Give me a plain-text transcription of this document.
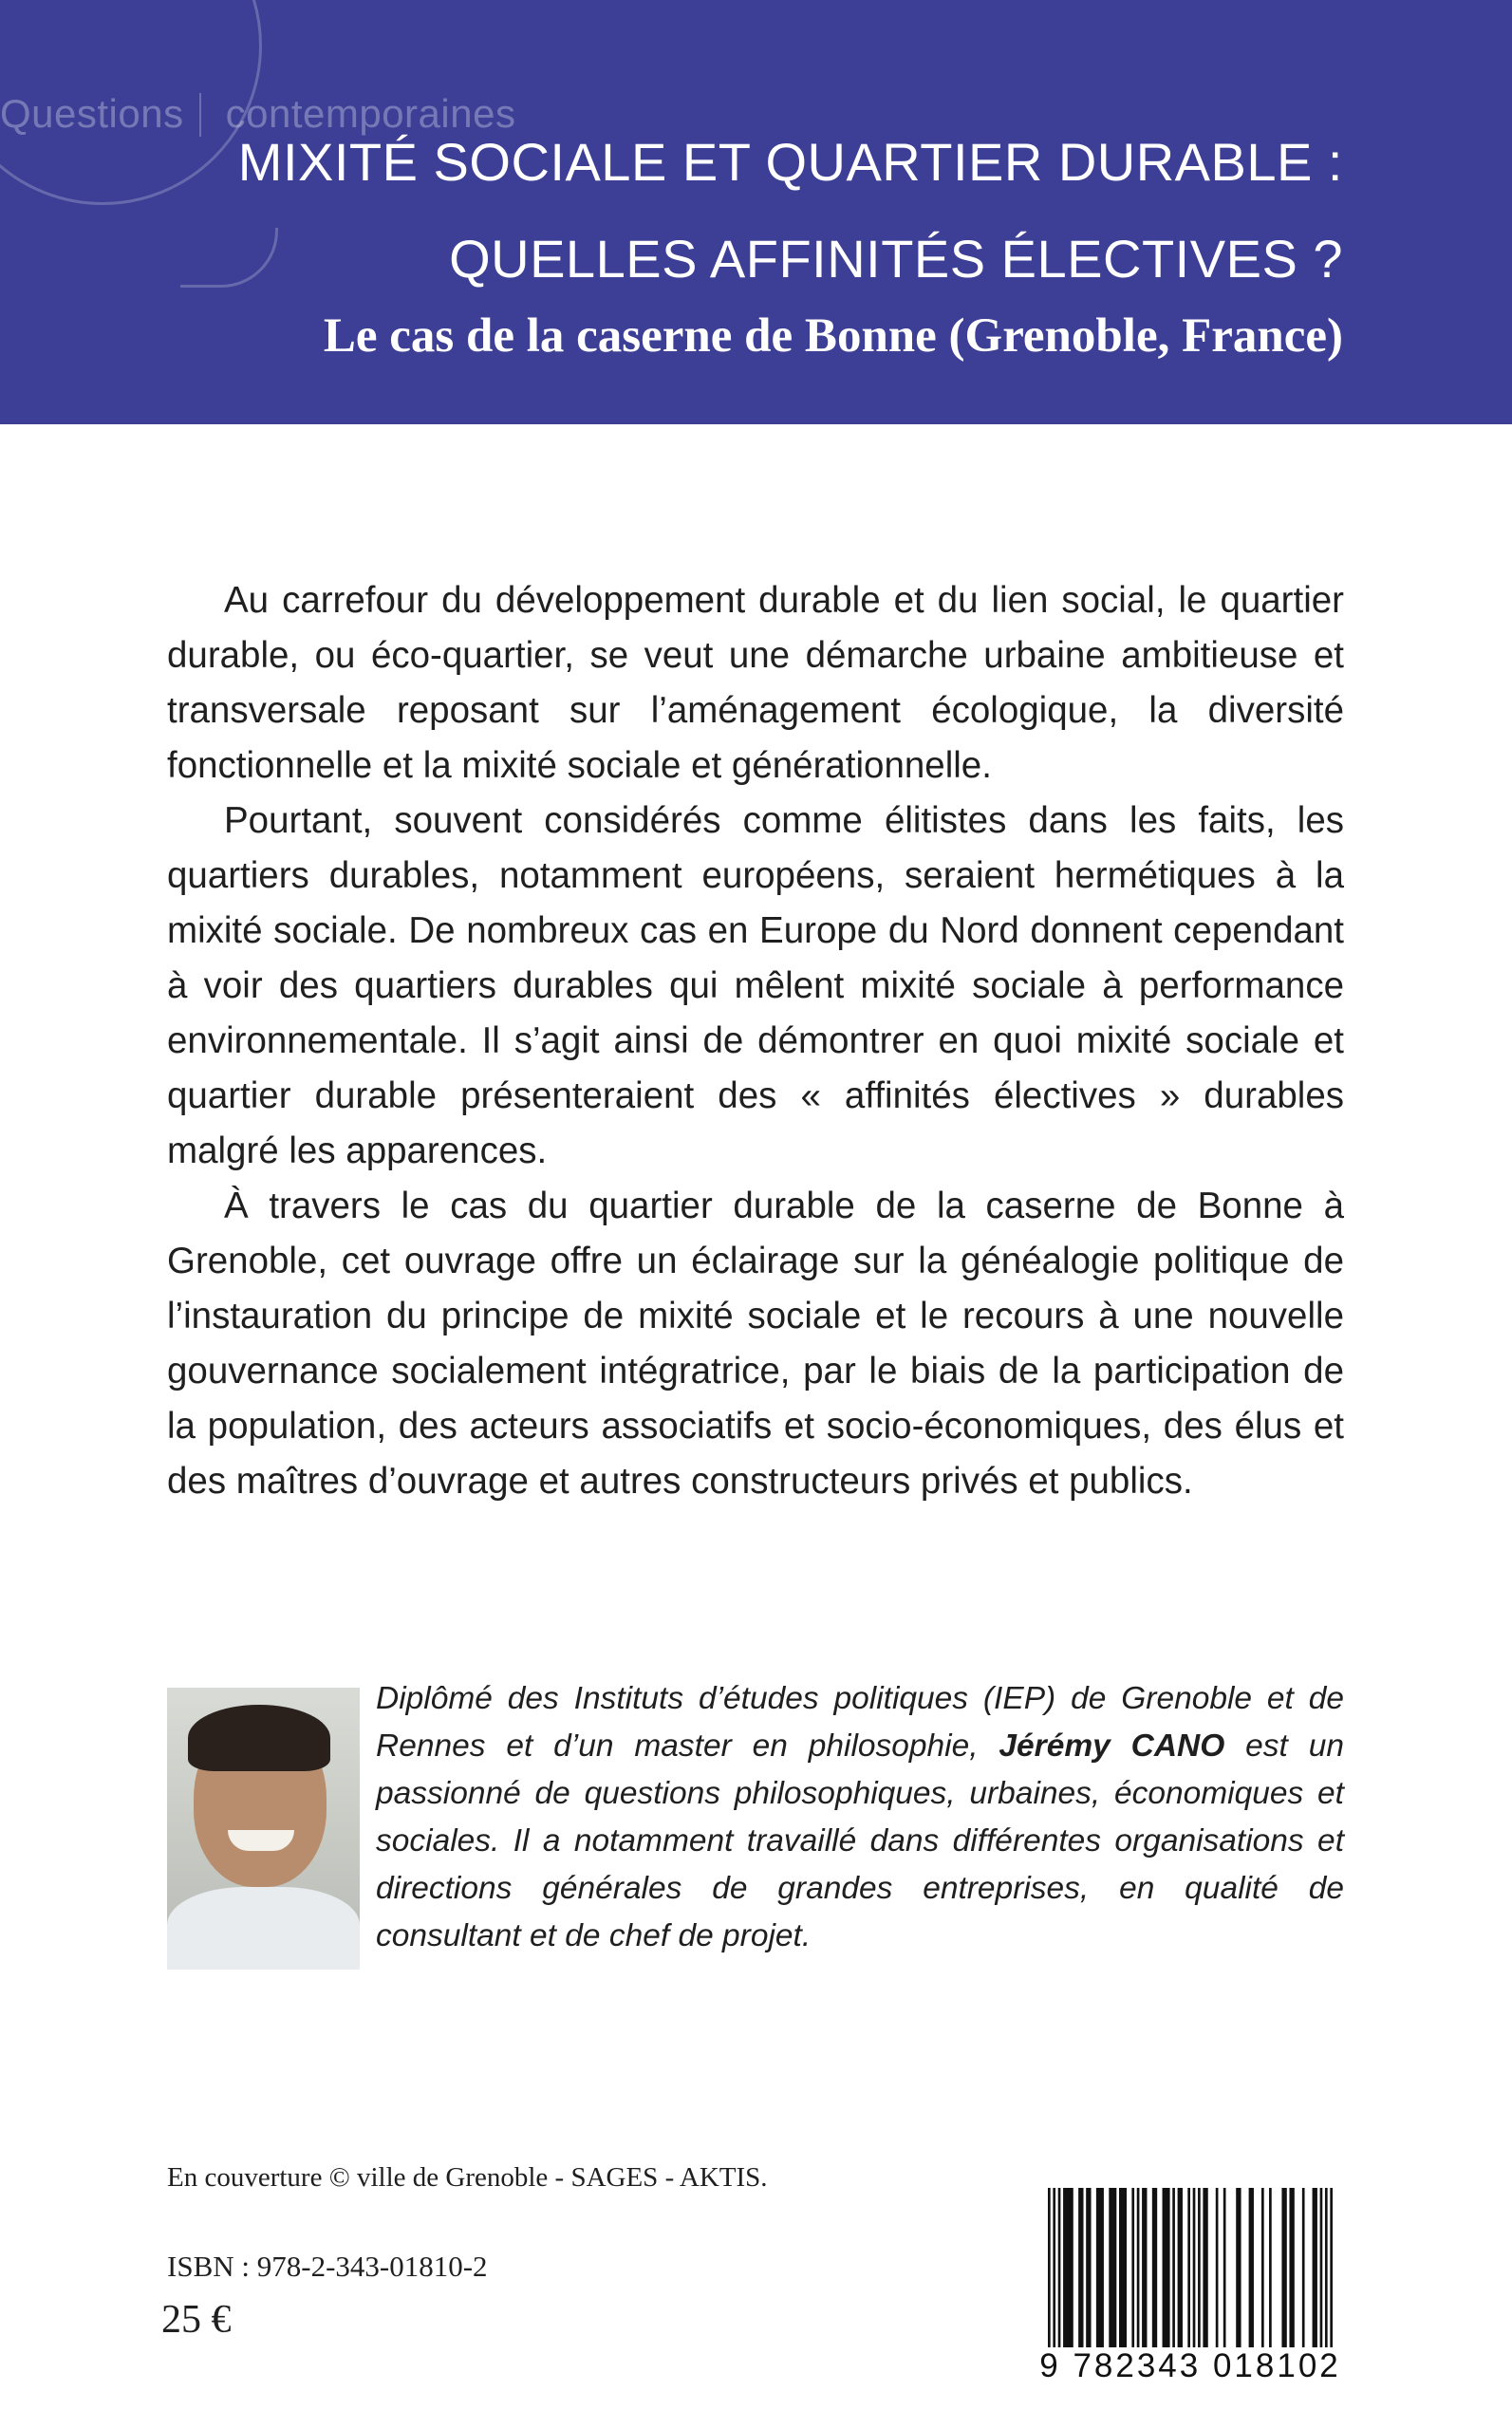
Questions contemporaines
MIXITÉ SOCIALE ET QUARTIER DURABLE :
QUELLES AFFINITÉS ÉLECTIVES ?
Le cas de la caserne de Bonne (Grenoble, France)

Au carrefour du développement durable et du lien social, le quartier durable, ou éco-quartier, se veut une démarche urbaine ambitieuse et transversale reposant sur l’aménagement écologique, la diversité fonctionnelle et la mixité sociale et générationnelle.

Pourtant, souvent considérés comme élitistes dans les faits, les quartiers durables, notamment européens, seraient hermétiques à la mixité sociale. De nombreux cas en Europe du Nord donnent cependant à voir des quartiers durables qui mêlent mixité sociale à performance environnementale. Il s’agit ainsi de démontrer en quoi mixité sociale et quartier durable présenteraient des « affinités électives » durables malgré les apparences.

À travers le cas du quartier durable de la caserne de Bonne à Grenoble, cet ouvrage offre un éclairage sur la généalogie politique de l’instauration du principe de mixité sociale et le recours à une nouvelle gouvernance socialement intégratrice, par le biais de la participation de la population, des acteurs associatifs et socio-économiques, des élus et des maîtres d’ouvrage et autres constructeurs privés et publics.

Diplômé des Instituts d’études politiques (IEP) de Grenoble et de Rennes et d’un master en philosophie, Jérémy CANO est un passionné de questions philosophiques, urbaines, économiques et sociales. Il a notamment travaillé dans différentes organisations et directions générales de grandes entreprises, en qualité de consultant et de chef de projet.
En couverture © ville de Grenoble - SAGES - AKTIS.
ISBN : 978-2-343-01810-2
25 €
9 782343 018102
